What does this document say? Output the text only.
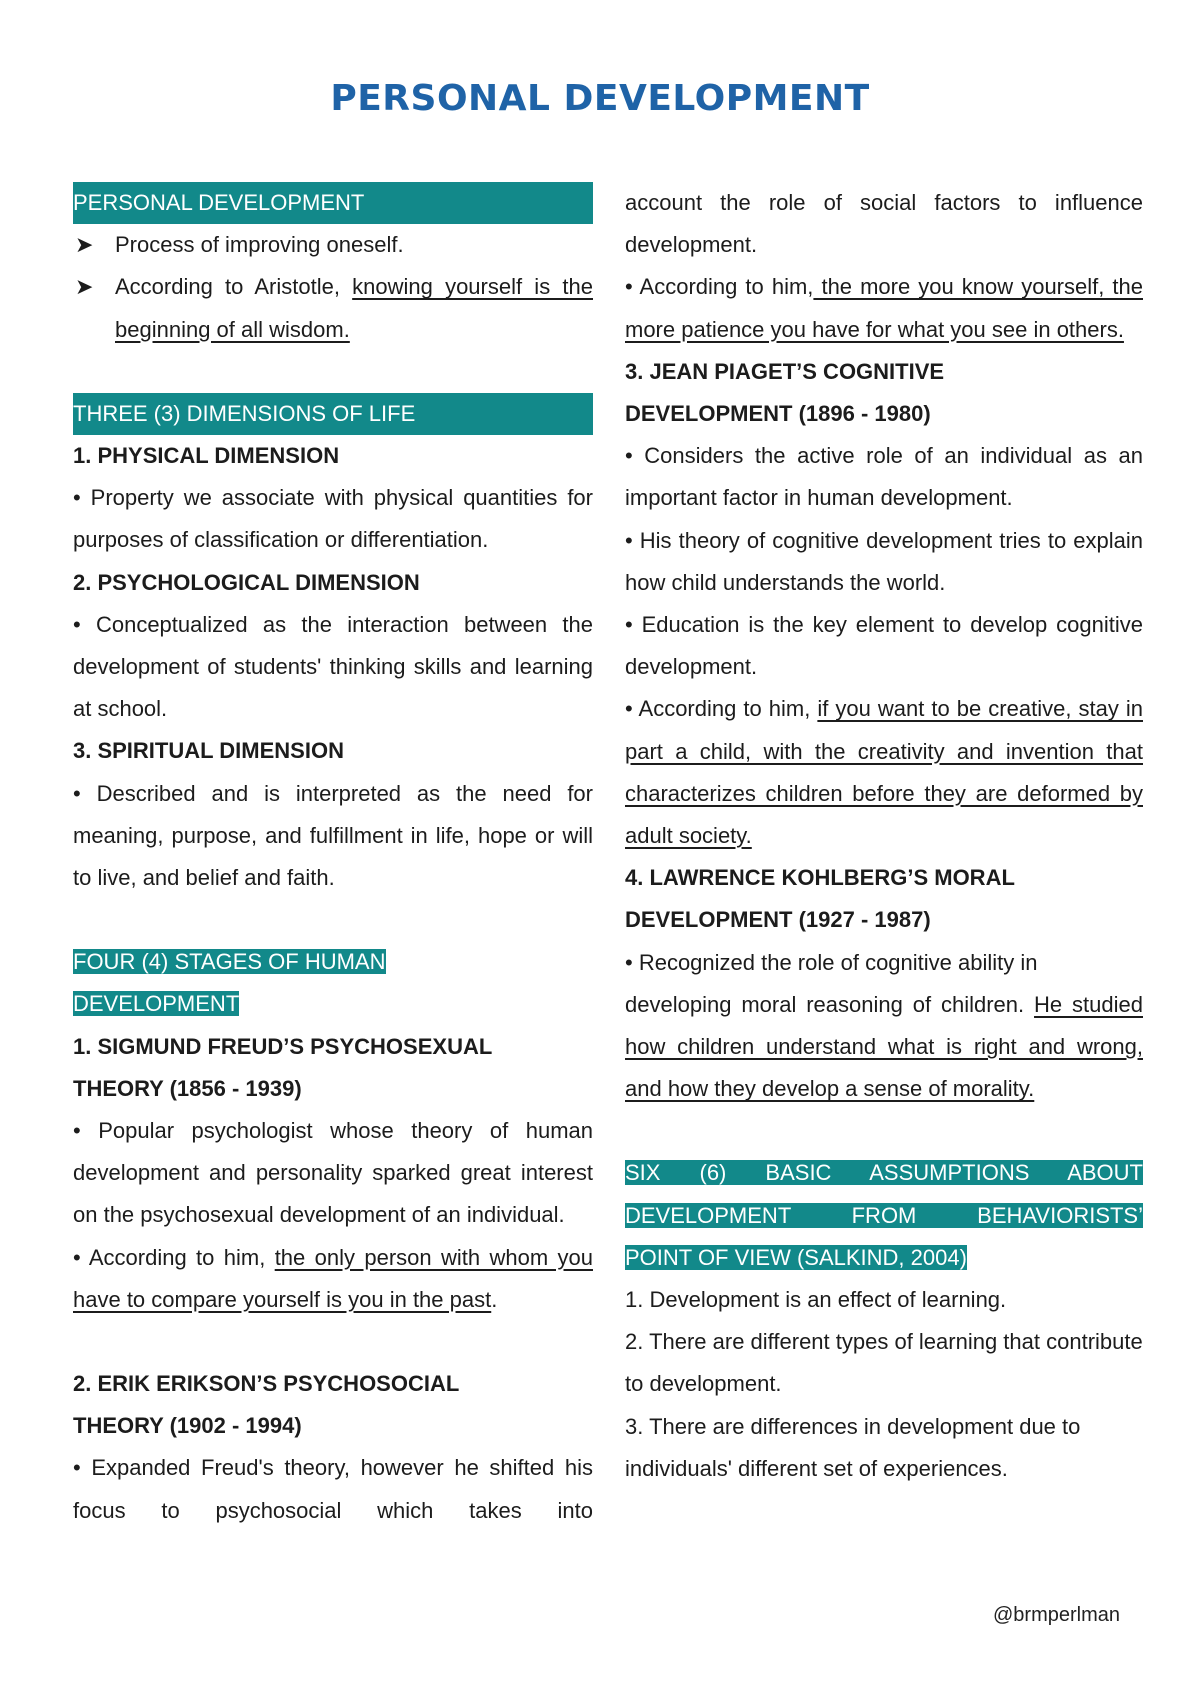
PERSONAL DEVELOPMENT

PERSONAL DEVELOPMENT

➤ Process of improving oneself.

➤ According to Aristotle, knowing yourself is the beginning of all wisdom.

THREE (3) DIMENSIONS OF LIFE

1. PHYSICAL DIMENSION

• Property we associate with physical quantities for purposes of classification or differentiation.

2. PSYCHOLOGICAL DIMENSION

• Conceptualized as the interaction between the development of students' thinking skills and learning at school.

3. SPIRITUAL DIMENSION

• Described and is interpreted as the need for meaning, purpose, and fulfillment in life, hope or will to live, and belief and faith.

FOUR (4) STAGES OF HUMAN

DEVELOPMENT

1. SIGMUND FREUD’S PSYCHOSEXUAL

THEORY (1856 - 1939)

• Popular psychologist whose theory of human development and personality sparked great interest on the psychosexual development of an individual.

• According to him, the only person with whom you have to compare yourself is you in the past.

2. ERIK ERIKSON’S PSYCHOSOCIAL

THEORY (1902 - 1994)

• Expanded Freud's theory, however he shifted his focus to psychosocial which takes into

account the role of social factors to influence development.

• According to him, the more you know yourself, the more patience you have for what you see in others.

3. JEAN PIAGET’S COGNITIVE

DEVELOPMENT (1896 - 1980)

• Considers the active role of an individual as an important factor in human development.

• His theory of cognitive development tries to explain how child understands the world.

• Education is the key element to develop cognitive development.

• According to him, if you want to be creative, stay in part a child, with the creativity and invention that characterizes children before they are deformed by adult society.

4. LAWRENCE KOHLBERG’S MORAL

DEVELOPMENT (1927 - 1987)

• Recognized the role of cognitive ability in

developing moral reasoning of children. He studied how children understand what is right and wrong, and how they develop a sense of morality.

SIX (6) BASIC ASSUMPTIONS ABOUT

DEVELOPMENT FROM BEHAVIORISTS’

POINT OF VIEW (SALKIND, 2004)

1. Development is an effect of learning.

2. There are different types of learning that contribute to development.

3. There are differences in development due to individuals' different set of experiences.

@brmperlman
